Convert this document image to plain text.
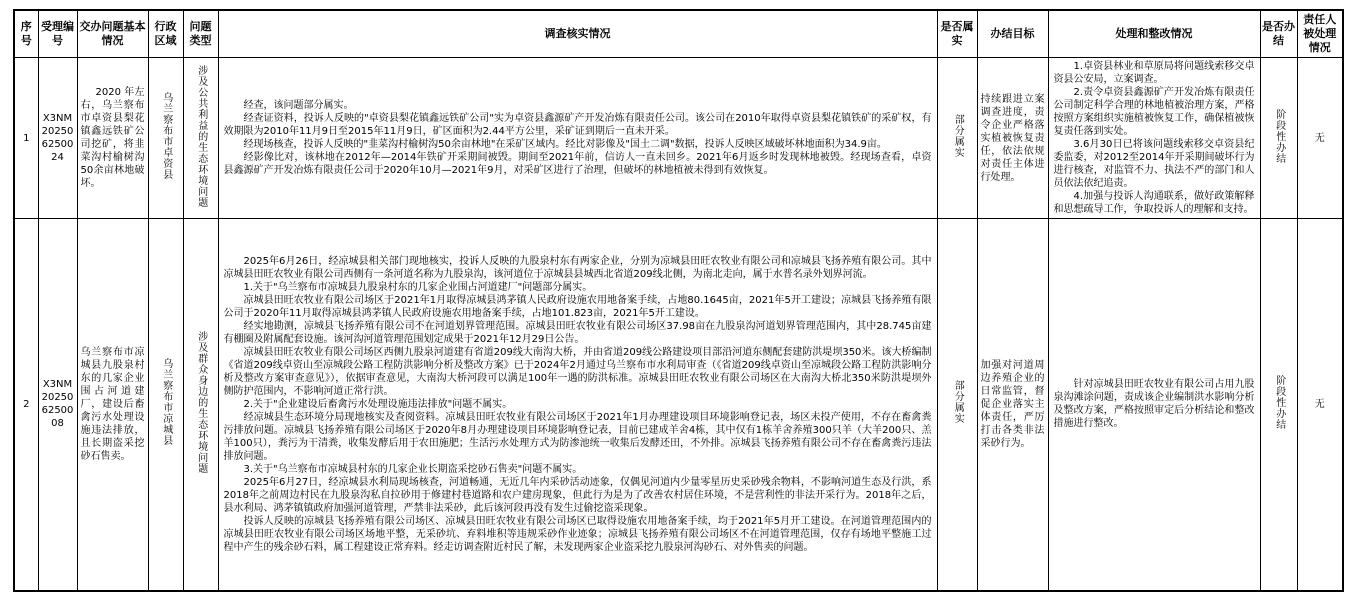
序号	受理编号	交办问题基本情况	行政区域	问题类型	调查核实情况	是否属实	办结目标	处理和整改情况	是否办结	责任人被处理情况
1	X3NM202506250024	2020 年左右，乌兰察布市卓资县梨花镇鑫远铁矿公司挖矿，将韭菜沟村榆树沟50余亩林地破坏。	乌兰察布市卓资县	涉及公共利益的生态环境问题	经查，该问题部分属实。

经查证资料，投诉人反映的"卓资县梨花镇鑫远铁矿公司"实为卓资县鑫源矿产开发冶炼有限责任公司。该公司在2010年取得卓资县梨花镇铁矿的采矿权，有效期限为2010年11月9日至2015年11月9日，矿区面积为2.44平方公里，采矿证到期后一直未开采。

经现场核查，投诉人反映的"韭菜沟村榆树沟50余亩林地"在采矿区域内。经比对影像及"国土二调"数据，投诉人反映区域破坏林地面积为34.9亩。

经影像比对，该林地在2012年—2014年铁矿开采期间被毁。期间至2021年前，信访人一直未回乡。2021年6月返乡时发现林地被毁。经现场查看，卓资县鑫源矿产开发冶炼有限责任公司于2020年10月—2021年9月，对采矿区进行了治理，但破坏的林地植被未得到有效恢复。

	部分属实	持续跟进立案调查进度，责令企业严格落实植被恢复责任，依法依规对责任主体进行处理。	

1.卓资县林业和草原局将问题线索移交卓资县公安局，立案调查。

2.责令卓资县鑫源矿产开发冶炼有限责任公司制定科学合理的林地植被治理方案，严格按照方案组织实施植被恢复工作，确保植被恢复责任落到实处。

3.6月30日已将该问题线索移交卓资县纪委监委，对2012至2014年开采期间破坏行为进行核查，对监管不力、执法不严的部门和人员依法依纪追责。

4.加强与投诉人沟通联系，做好政策解释和思想疏导工作，争取投诉人的理解和支持。

	阶段性办结	无
2	X3NM202506250008	乌兰察布市凉城县九股泉村东的几家企业围占河道建厂，建设后畜禽污水处理设施违法排放，且长期盗采挖砂石售卖。	乌兰察布市凉城县	涉及群众身边的生态环境问题	

2025年6月26日，经凉城县相关部门现地核实，投诉人反映的九股泉村东有两家企业，分别为凉城县田旺农牧业有限公司和凉城县飞扬养殖有限公司。其中凉城县田旺农牧业有限公司西侧有一条河道名称为九股泉沟，该河道位于凉城县县城西北省道209线北侧，为南北走向，属于水普名录外划界河流。

1.关于"乌兰察布市凉城县九股泉村东的几家企业围占河道建厂"问题部分属实。

凉城县田旺农牧业有限公司场区于2021年1月取得凉城县鸿茅镇人民政府设施农用地备案手续，占地80.1645亩，2021年5开工建设；凉城县飞扬养殖有限公司于2020年11月取得凉城县鸿茅镇人民政府设施农用地备案手续，占地101.823亩，2021年5开工建设。

经实地勘测，凉城县飞扬养殖有限公司不在河道划界管理范围。凉城县田旺农牧业有限公司场区37.98亩在九股泉沟河道划界管理范围内，其中28.745亩建有棚圈及附属配套设施。该河沟河道管理范围划定成果于2021年12月29日公告。

凉城县田旺农牧业有限公司场区西侧九股泉河道建有省道209线大南沟大桥，并由省道209线公路建设项目部沿河道东侧配套建防洪堤坝350米。该大桥编制《省道209线卓资山至凉城段公路工程防洪影响分析及整改方案》已于2024年2月通过乌兰察布市水利局审查（《省道209线卓资山至凉城段公路工程防洪影响分析及整改方案审查意见》），依据审查意见，大南沟大桥河段可以满足100年一遇的防洪标准。凉城县田旺农牧业有限公司场区在大南沟大桥北350米防洪堤坝外侧防护范围内，不影响河道正常行洪。

2.关于"企业建设后畜禽污水处理设施违法排放"问题不属实。

经凉城县生态环境分局现地核实及查阅资料。凉城县田旺农牧业有限公司场区于2021年1月办理建设项目环境影响登记表，场区未投产使用，不存在畜禽粪污排放问题。凉城县飞扬养殖有限公司场区于2020年8月办理建设项目环境影响登记表，目前已建成羊舍4栋，其中仅有1栋羊舍养殖300只羊（大羊200只、羔羊100只），粪污为干清粪，收集发酵后用于农田施肥；生活污水处理方式为防渗池统一收集后发酵还田，不外排。凉城县飞扬养殖有限公司不存在畜禽粪污违法排放问题。

3.关于"乌兰察布市凉城县村东的几家企业长期盗采挖砂石售卖"问题不属实。

2025年6月27日，经凉城县水利局现场核查，河道畅通，无近几年内采砂活动迹象，仅偶见河道内少量零星历史采砂残余物料，不影响河道生态及行洪，系2018年之前周边村民在九股泉沟私自拉砂用于修建村巷道路和农户建房现象，但此行为是为了改善农村居住环境，不是营利性的非法开采行为。2018年之后，县水利局、鸿茅镇镇政府加强河道管理，严禁非法采砂，此后该河段再没有发生过偷挖盗采现象。

投诉人反映的凉城县飞扬养殖有限公司场区、凉城县田旺农牧业有限公司场区已取得设施农用地备案手续，均于2021年5月开工建设。在河道管理范围内的凉城县田旺农牧业有限公司场区场地平整，无采砂坑、弃料堆积等违规采砂作业迹象；凉城县飞扬养殖有限公司场区不在河道管理范围，仅存有场地平整施工过程中产生的残余砂石料，属工程建设正常弃料。经走访调查附近村民了解，未发现两家企业盗采挖九股泉河沟砂石、对外售卖的问题。

	部分属实	加强对河道周边养殖企业的日常监管，督促企业落实主体责任，严厉打击各类非法采砂行为。	

针对凉城县田旺农牧业有限公司占用九股泉沟滩涂问题，责成该企业编制洪水影响分析及整改方案，严格按照审定后分析结论和整改措施进行整改。	阶段性办结	无
